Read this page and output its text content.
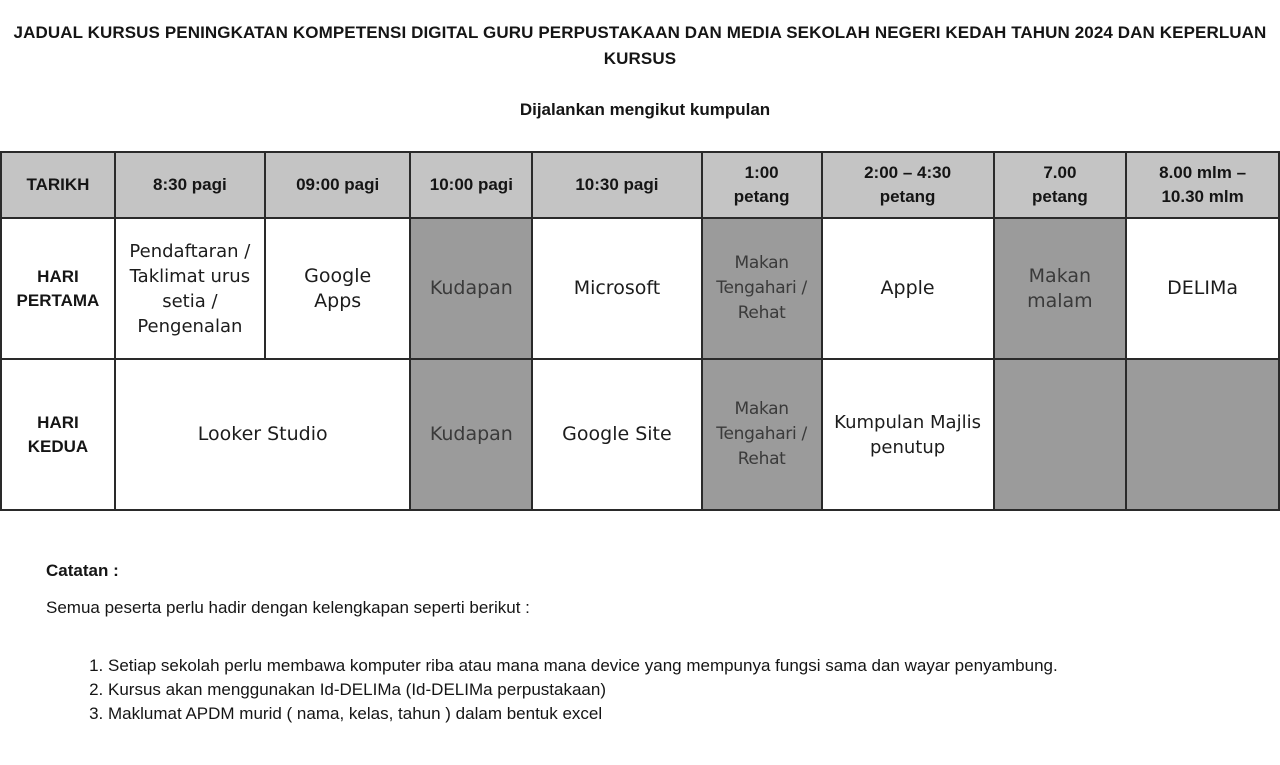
JADUAL KURSUS PENINGKATAN KOMPETENSI DIGITAL GURU PERPUSTAKAAN DAN MEDIA SEKOLAH NEGERI KEDAH TAHUN 2024 DAN KEPERLUAN KURSUS
Dijalankan mengikut kumpulan
TARIKH	8:30 pagi	09:00 pagi	10:00 pagi	10:30 pagi	1:00 petang	2:00 – 4:30 petang	7.00 petang	8.00 mlm – 10.30 mlm

HARI PERTAMA	Pendaftaran / Taklimat urus setia / Pengenalan	Google Apps	Kudapan	Microsoft	Makan Tengahari / Rehat	Apple	Makan malam	DELIMa

HARI KEDUA	Looker Studio		Kudapan	Google Site	Makan Tengahari / Rehat	Kumpulan Majlis penutup		

Catatan :
Semua peserta perlu hadir dengan kelengkapan seperti berikut :
1. Setiap sekolah perlu membawa komputer riba atau mana mana device yang mempunya fungsi sama dan wayar penyambung.
2. Kursus akan menggunakan Id-DELIMa (Id-DELIMa perpustakaan)
3. Maklumat APDM murid ( nama, kelas, tahun ) dalam bentuk excel
